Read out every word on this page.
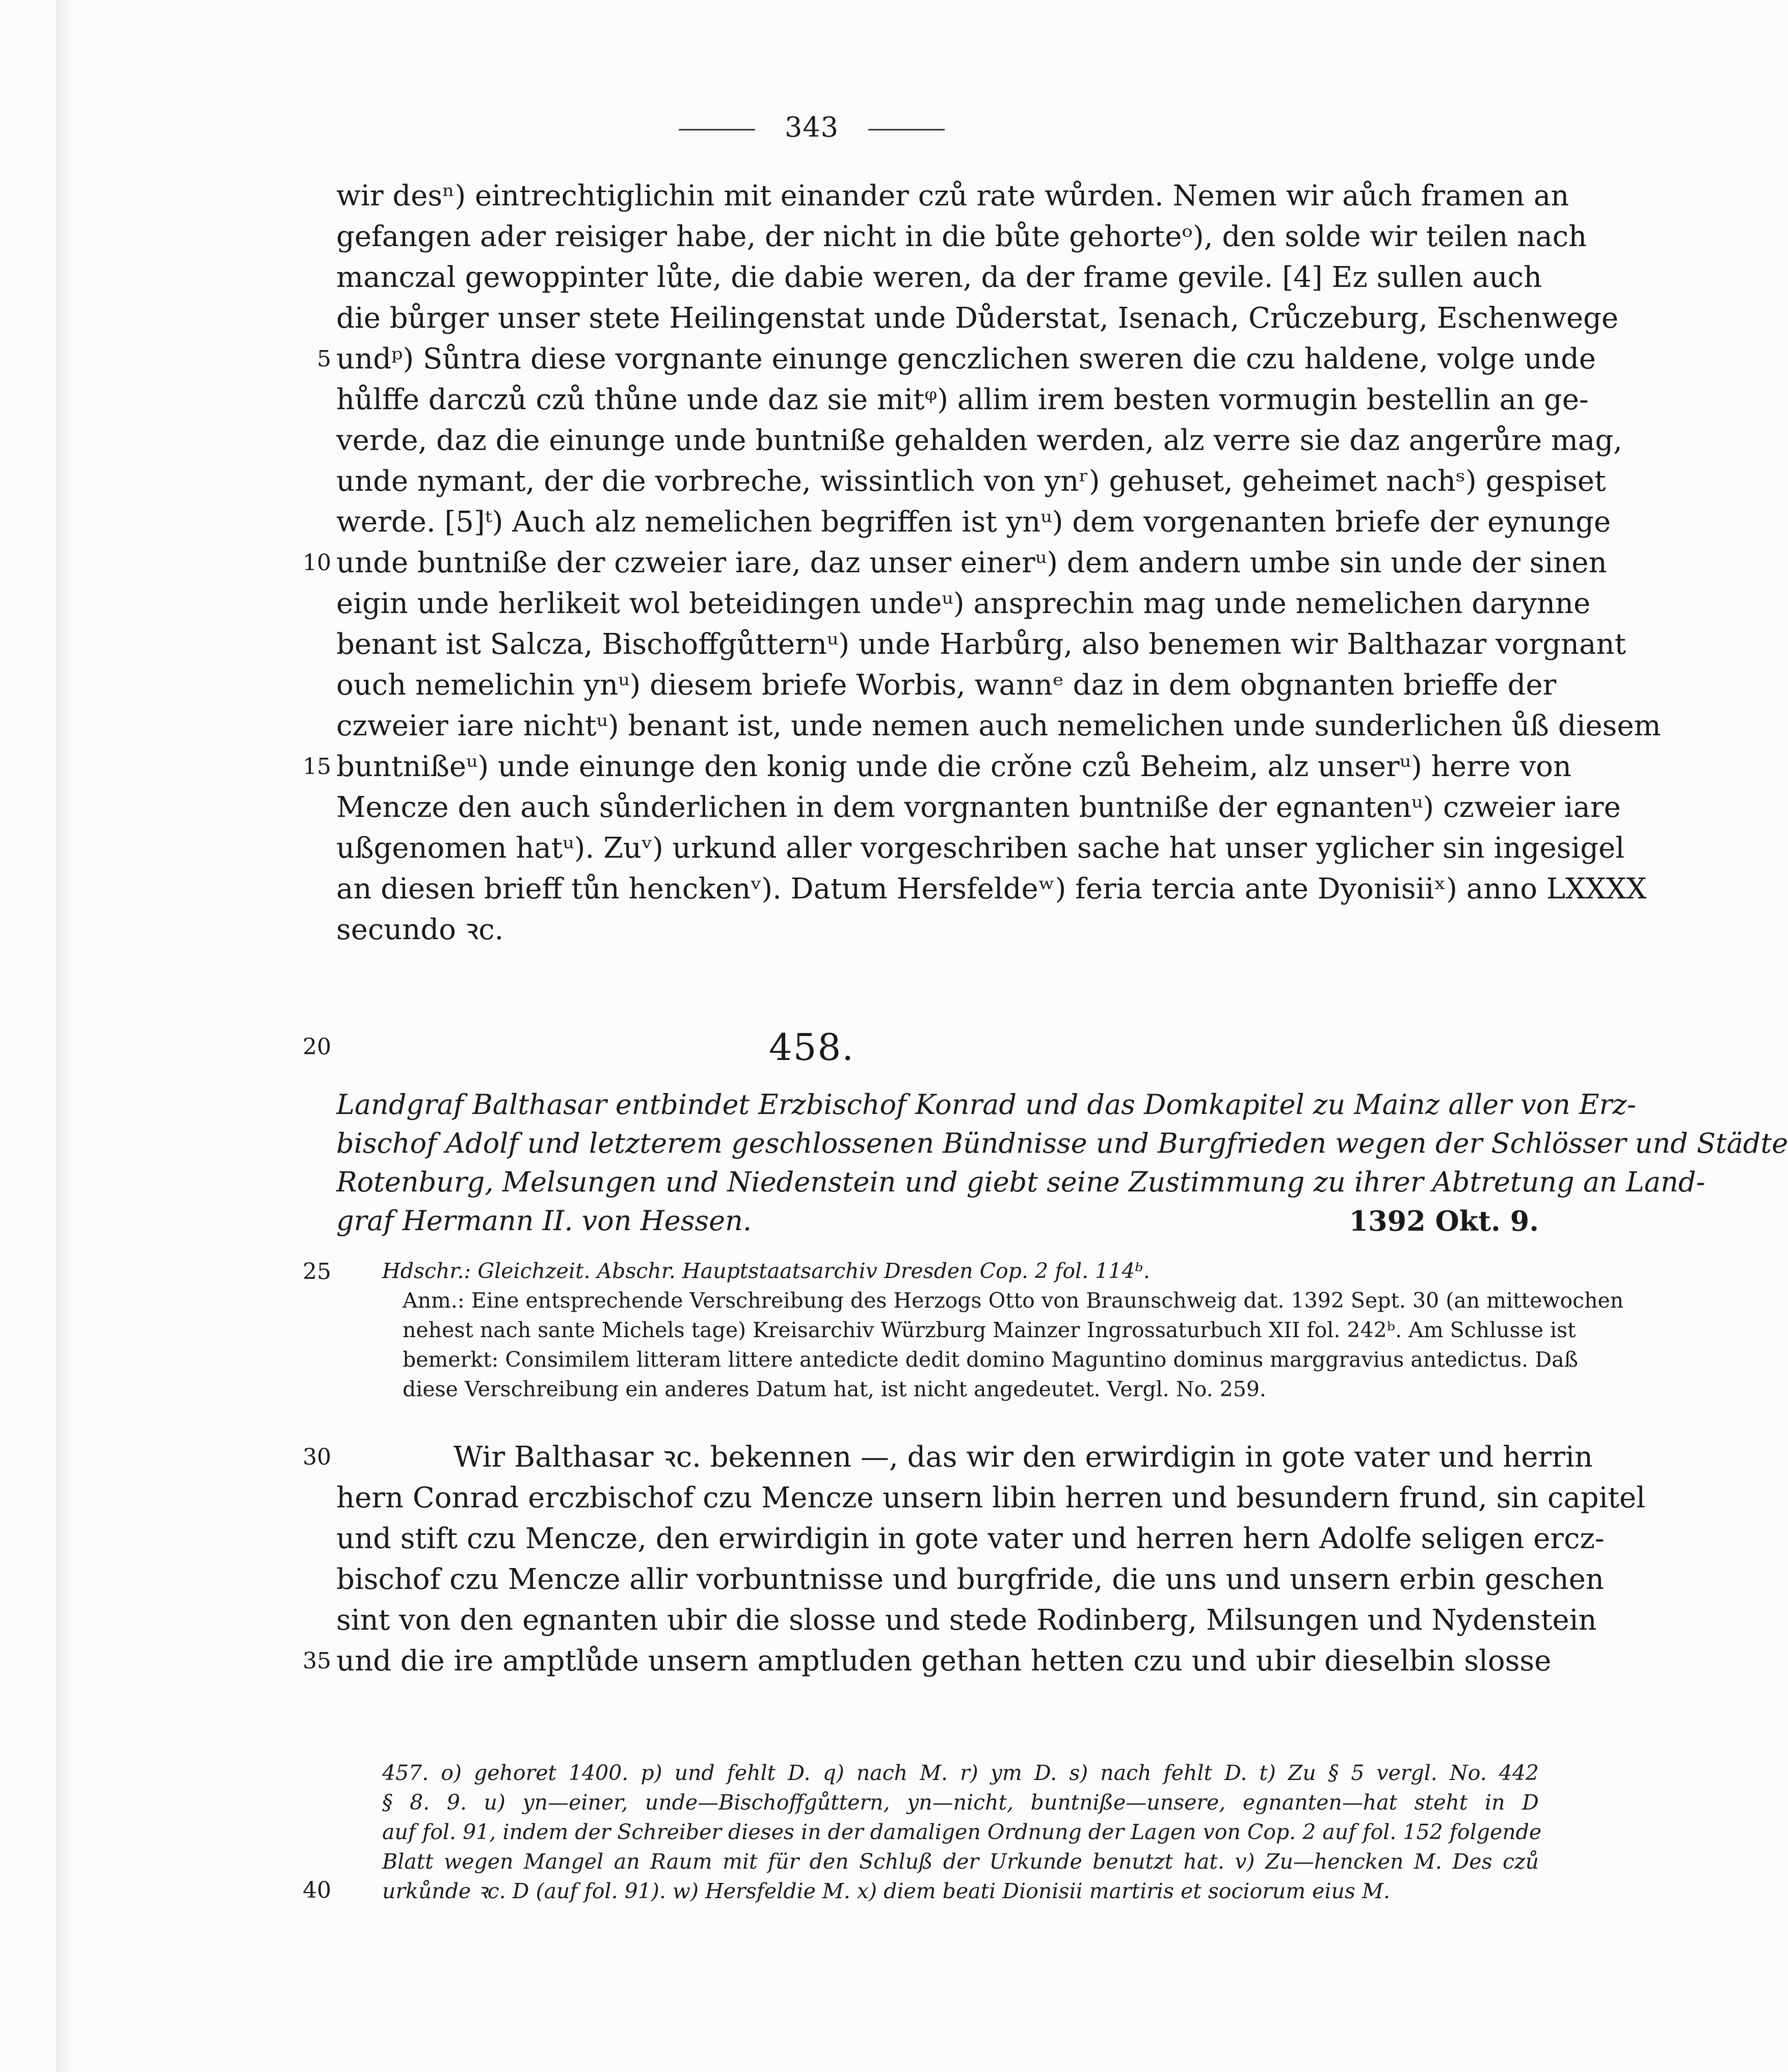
343
wir desⁿ) eintrechtiglichin mit einander czů rate wůrden. Nemen wir aůch framen an
gefangen ader reisiger habe, der nicht in die bůte gehorteᵒ), den solde wir teilen nach
manczal gewoppinter lůte, die dabie weren, da der frame gevile. [4] Ez sullen auch
die bůrger unser stete Heilingenstat unde Důderstat, Isenach, Crůczeburg, Eschenwege
undᵖ) Sůntra diese vorgnante einunge genczlichen sweren die czu haldene, volge unde
hůlffe darczů czů thůne unde daz sie mitᵠ) allim irem besten vormugin bestellin an ge-
verde, daz die einunge unde buntniße gehalden werden, alz verre sie daz angerůre mag,
unde nymant, der die vorbreche, wissintlich von ynʳ) gehuset, geheimet nachˢ) gespiset
werde. [5]ᵗ) Auch alz nemelichen begriffen ist ynᵘ) dem vorgenanten briefe der eynunge
unde buntniße der czweier iare, daz unser einerᵘ) dem andern umbe sin unde der sinen
eigin unde herlikeit wol beteidingen undeᵘ) ansprechin mag unde nemelichen darynne
benant ist Salcza, Bischoffgůtternᵘ) unde Harbůrg, also benemen wir Balthazar vorgnant
ouch nemelichin ynᵘ) diesem briefe Worbis, wannᵉ daz in dem obgnanten brieffe der
czweier iare nichtᵘ) benant ist, unde nemen auch nemelichen unde sunderlichen ůß diesem
buntnißeᵘ) unde einunge den konig unde die crǒne czů Beheim, alz unserᵘ) herre von
Mencze den auch sůnderlichen in dem vorgnanten buntniße der egnantenᵘ) czweier iare
ußgenomen hatᵘ). Zuᵛ) urkund aller vorgeschriben sache hat unser yglicher sin ingesigel
an diesen brieff tůn henckenᵛ). Datum Hersfeldeʷ) feria tercia ante Dyonisiiˣ) anno LXXXX
secundo ꝛc.
5
10
15
20	458.
Landgraf Balthasar entbindet Erzbischof Konrad und das Domkapitel zu Mainz aller von Erz-
bischof Adolf und letzterem geschlossenen Bündnisse und Burgfrieden wegen der Schlösser und Städte
Rotenburg, Melsungen und Niedenstein und giebt seine Zustimmung zu ihrer Abtretung an Land-
graf Hermann II. von Hessen.	1392 Okt. 9.
25 Hdschr.: Gleichzeit. Abschr. Hauptstaatsarchiv Dresden Cop. 2 fol. 114ᵇ.
Anm.: Eine entsprechende Verschreibung des Herzogs Otto von Braunschweig dat. 1392 Sept. 30 (an mittewochen
nehest nach sante Michels tage) Kreisarchiv Würzburg Mainzer Ingrossaturbuch XII fol. 242ᵇ. Am Schlusse ist
bemerkt: Consimilem litteram littere antedicte dedit domino Maguntino dominus marggravius antedictus. Daß
diese Verschreibung ein anderes Datum hat, ist nicht angedeutet. Vergl. No. 259.
30	Wir Balthasar ꝛc. bekennen —, das wir den erwirdigin in gote vater und herrin
hern Conrad erczbischof czu Mencze unsern libin herren und besundern frund, sin capitel
und stift czu Mencze, den erwirdigin in gote vater und herren hern Adolfe seligen ercz-
bischof czu Mencze allir vorbuntnisse und burgfride, die uns und unsern erbin geschen
sint von den egnanten ubir die slosse und stede Rodinberg, Milsungen und Nydenstein
und die ire amptlůde unsern amptluden gethan hetten czu und ubir dieselbin slosse
35
457. o) gehoret 1400. p) und fehlt D. q) nach M. r) ym D. s) nach fehlt D. t) Zu § 5 vergl. No. 442
§ 8. 9. u) yn—einer, unde—Bischoffgůttern, yn—nicht, buntniße—unsere, egnanten—hat steht in D
auf fol. 91, indem der Schreiber dieses in der damaligen Ordnung der Lagen von Cop. 2 auf fol. 152 folgende
Blatt wegen Mangel an Raum mit für den Schluß der Urkunde benutzt hat. v) Zu—hencken M. Des czů
urkůnde ꝛc. D (auf fol. 91). w) Hersfeldie M. x) diem beati Dionisii martiris et sociorum eius M.
40
